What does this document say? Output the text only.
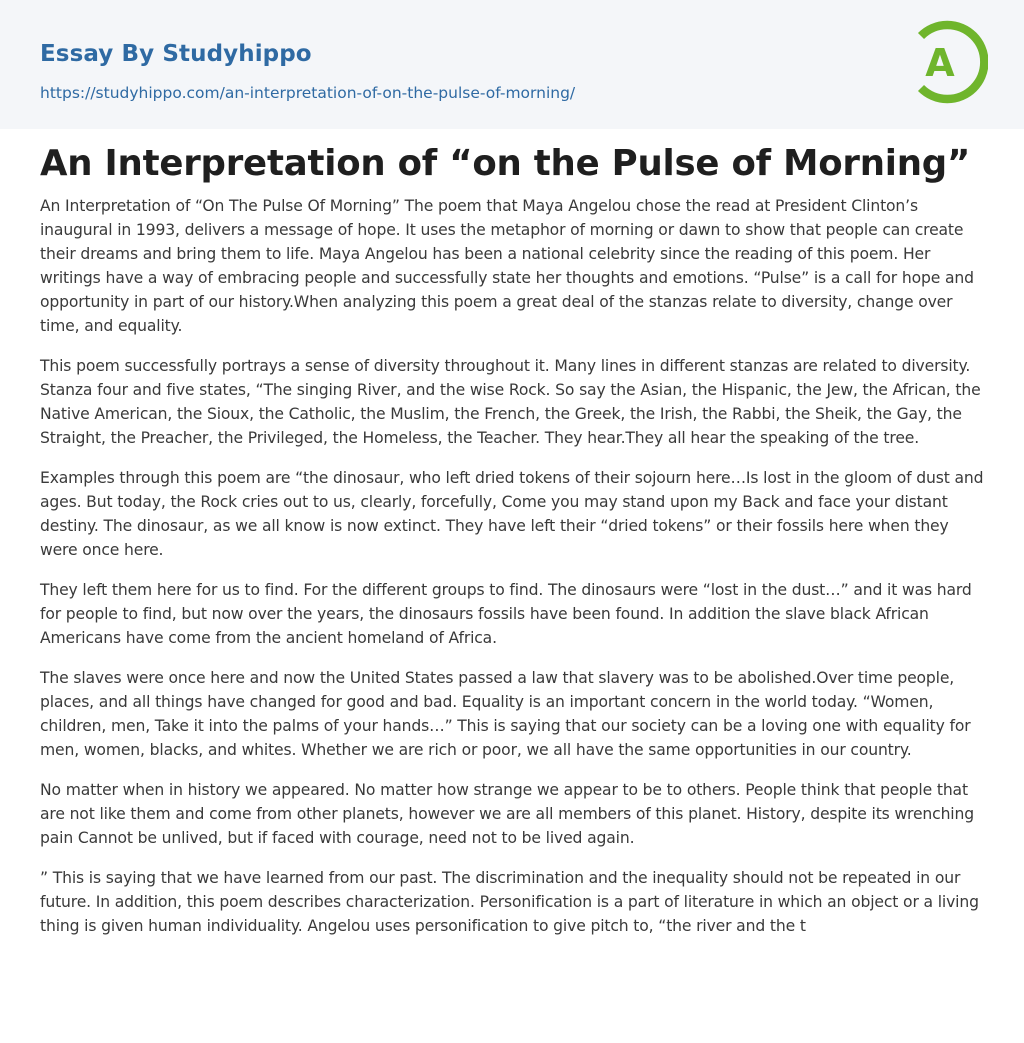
Essay By Studyhippo
https://studyhippo.com/an-interpretation-of-on-the-pulse-of-morning/
A
An Interpretation of “on the Pulse of Morning”

An Interpretation of “On The Pulse Of Morning” The poem that Maya Angelou chose the read at President Clinton’s inaugural in 1993, delivers a message of hope. It uses the metaphor of morning or dawn to show that people can create their dreams and bring them to life. Maya Angelou has been a national celebrity since the reading of this poem. Her writings have a way of embracing people and successfully state her thoughts and emotions. “Pulse” is a call for hope and opportunity in part of our history.When analyzing this poem a great deal of the stanzas relate to diversity, change over time, and equality.

This poem successfully portrays a sense of diversity throughout it. Many lines in different stanzas are related to diversity. Stanza four and five states, “The singing River, and the wise Rock. So say the Asian, the Hispanic, the Jew, the African, the Native American, the Sioux, the Catholic, the Muslim, the French, the Greek, the Irish, the Rabbi, the Sheik, the Gay, the Straight, the Preacher, the Privileged, the Homeless, the Teacher. They hear.They all hear the speaking of the tree.

Examples through this poem are “the dinosaur, who left dried tokens of their sojourn here…Is lost in the gloom of dust and ages. But today, the Rock cries out to us, clearly, forcefully, Come you may stand upon my Back and face your distant destiny. The dinosaur, as we all know is now extinct. They have left their “dried tokens” or their fossils here when they were once here.

They left them here for us to find. For the different groups to find. The dinosaurs were “lost in the dust…” and it was hard for people to find, but now over the years, the dinosaurs fossils have been found. In addition the slave black African Americans have come from the ancient homeland of Africa.

The slaves were once here and now the United States passed a law that slavery was to be abolished.Over time people, places, and all things have changed for good and bad. Equality is an important concern in the world today. “Women, children, men, Take it into the palms of your hands…” This is saying that our society can be a loving one with equality for men, women, blacks, and whites. Whether we are rich or poor, we all have the same opportunities in our country.

No matter when in history we appeared. No matter how strange we appear to be to others. People think that people that are not like them and come from other planets, however we are all members of this planet. History, despite its wrenching pain Cannot be unlived, but if faced with courage, need not to be lived again.

” This is saying that we have learned from our past. The discrimination and the inequality should not be repeated in our future. In addition, this poem describes characterization. Personification is a part of literature in which an object or a living thing is given human individuality. Angelou uses personification to give pitch to, “the river and the t
